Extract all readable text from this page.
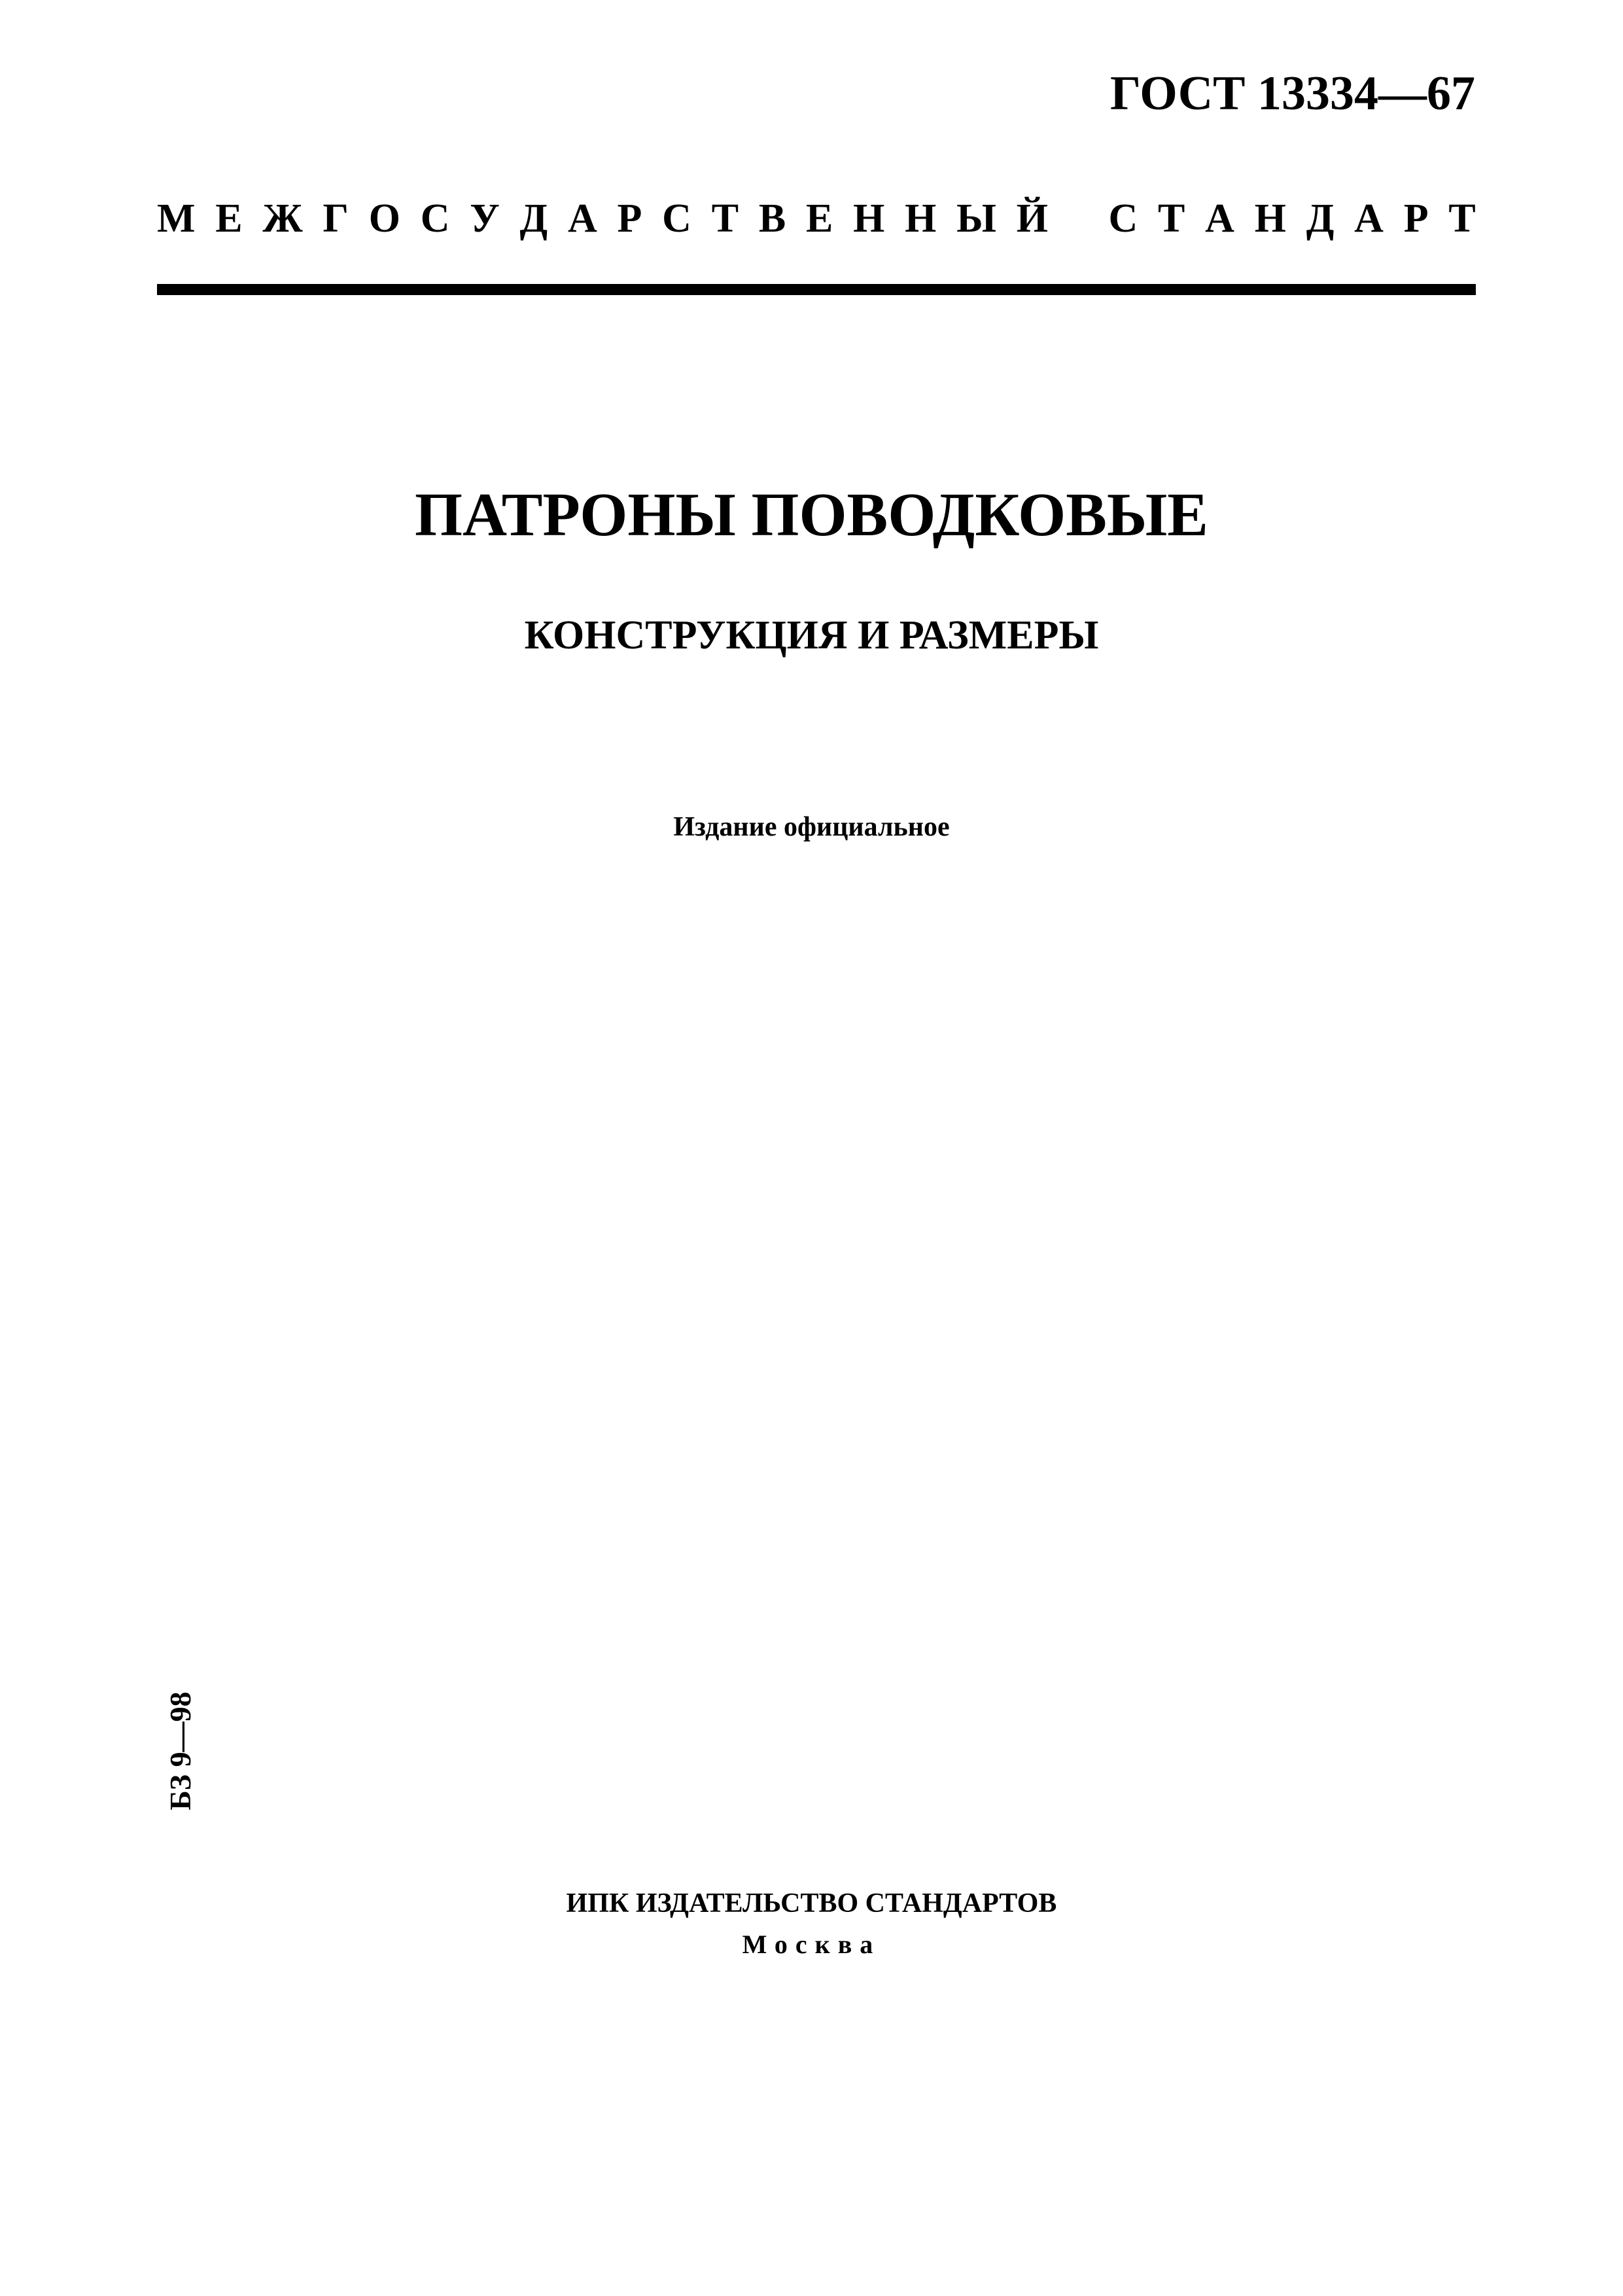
ГОСТ 13334—67
М Е Ж Г О С У Д А Р С Т В Е Н Н Ы Й
С Т А Н Д А Р Т
ПАТРОНЫ ПОВОДКОВЫЕ
КОНСТРУКЦИЯ И РАЗМЕРЫ
Издание официальное
БЗ 9—98
ИПК ИЗДАТЕЛЬСТВО СТАНДАРТОВ
Москва
